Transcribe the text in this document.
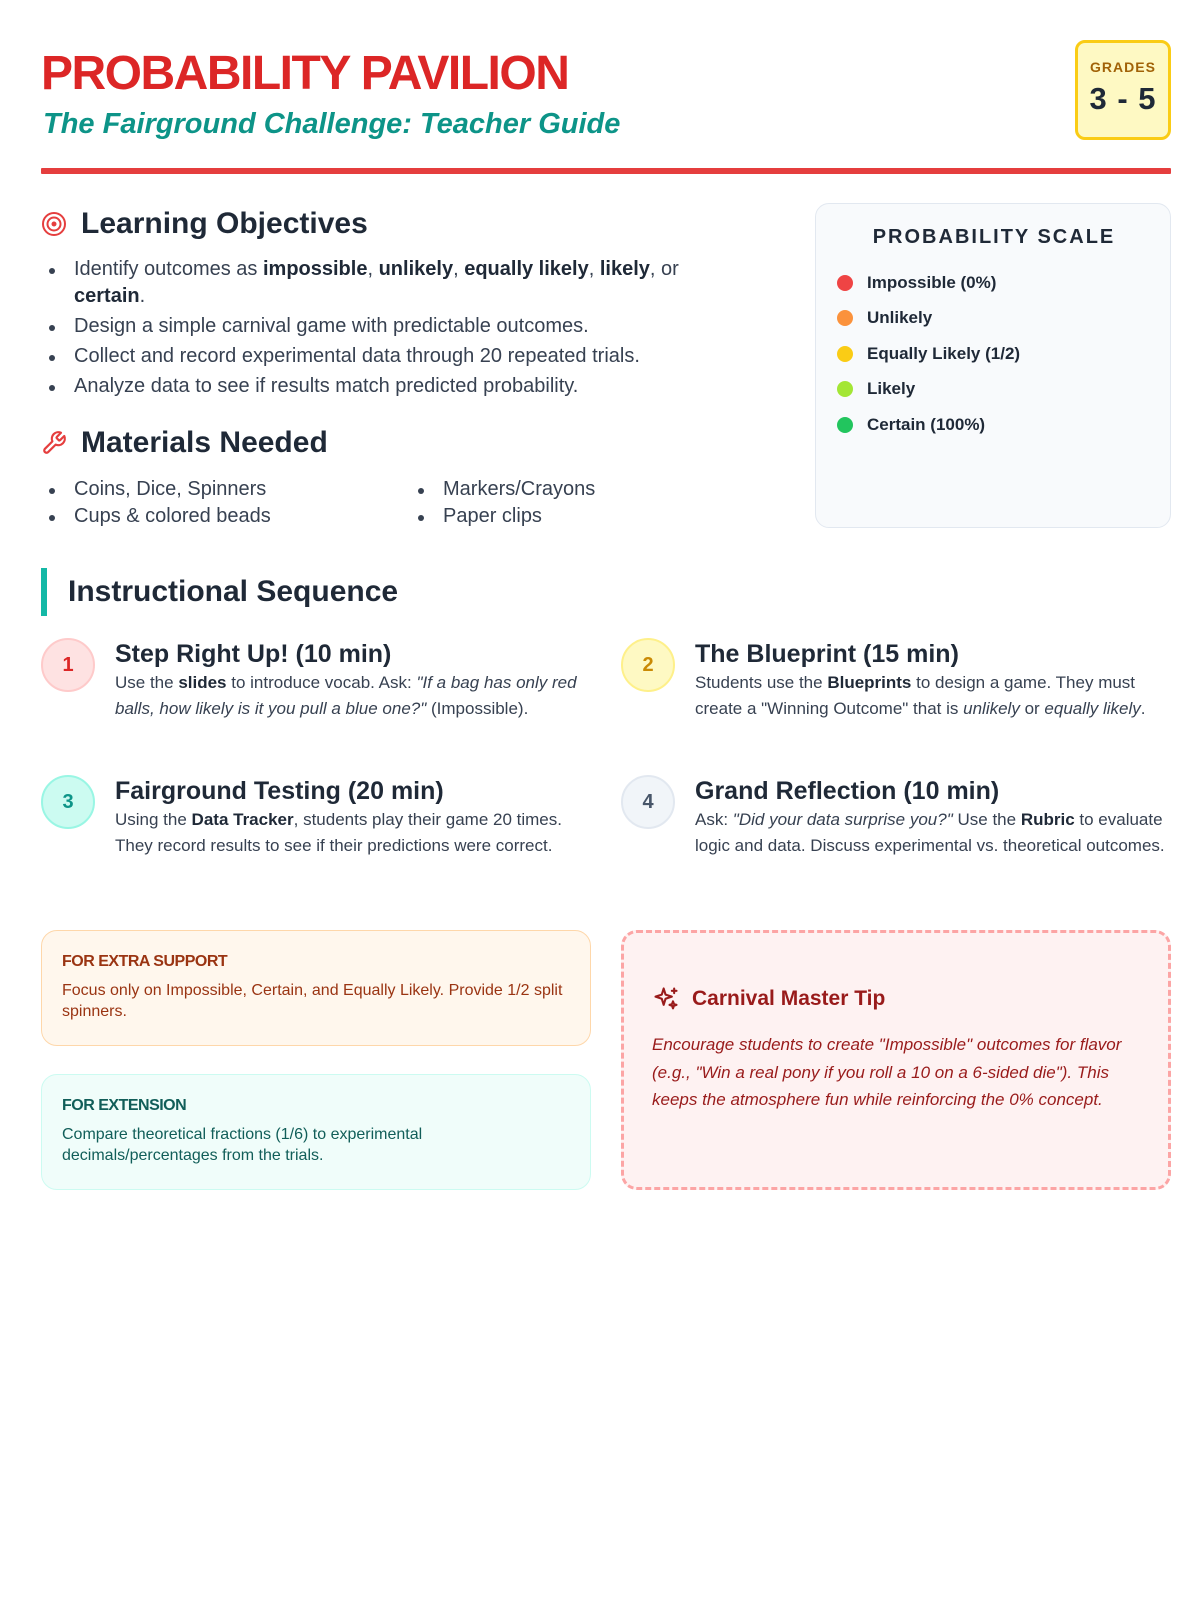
PROBABILITY PAVILION
The Fairground Challenge: Teacher Guide
GRADES
3 - 5
Learning Objectives
Identify outcomes as impossible, unlikely, equally likely, likely, or certain.
Design a simple carnival game with predictable outcomes.
Collect and record experimental data through 20 repeated trials.
Analyze data to see if results match predicted probability.
Materials Needed
Coins, Dice, Spinners
Cups & colored beads
Markers/Crayons
Paper clips
PROBABILITY SCALE
Impossible (0%)
Unlikely
Equally Likely (1/2)
Likely
Certain (100%)
Instructional Sequence
1	Step Right Up! (10 min)
Use the slides to introduce vocab. Ask: "If a bag has only red balls, how likely is it you pull a blue one?" (Impossible).
2	The Blueprint (15 min)
Students use the Blueprints to design a game. They must create a "Winning Outcome" that is unlikely or equally likely.
3	Fairground Testing (20 min)
Using the Data Tracker, students play their game 20 times. They record results to see if their predictions were correct.
4	Grand Reflection (10 min)
Ask: "Did your data surprise you?" Use the Rubric to evaluate logic and data. Discuss experimental vs. theoretical outcomes.
FOR EXTRA SUPPORT
Focus only on Impossible, Certain, and Equally Likely. Provide 1/2 split spinners.
FOR EXTENSION
Compare theoretical fractions (1/6) to experimental decimals/percentages from the trials.
Carnival Master Tip
Encourage students to create "Impossible" outcomes for flavor (e.g., "Win a real pony if you roll a 10 on a 6-sided die"). This keeps the atmosphere fun while reinforcing the 0% concept.
